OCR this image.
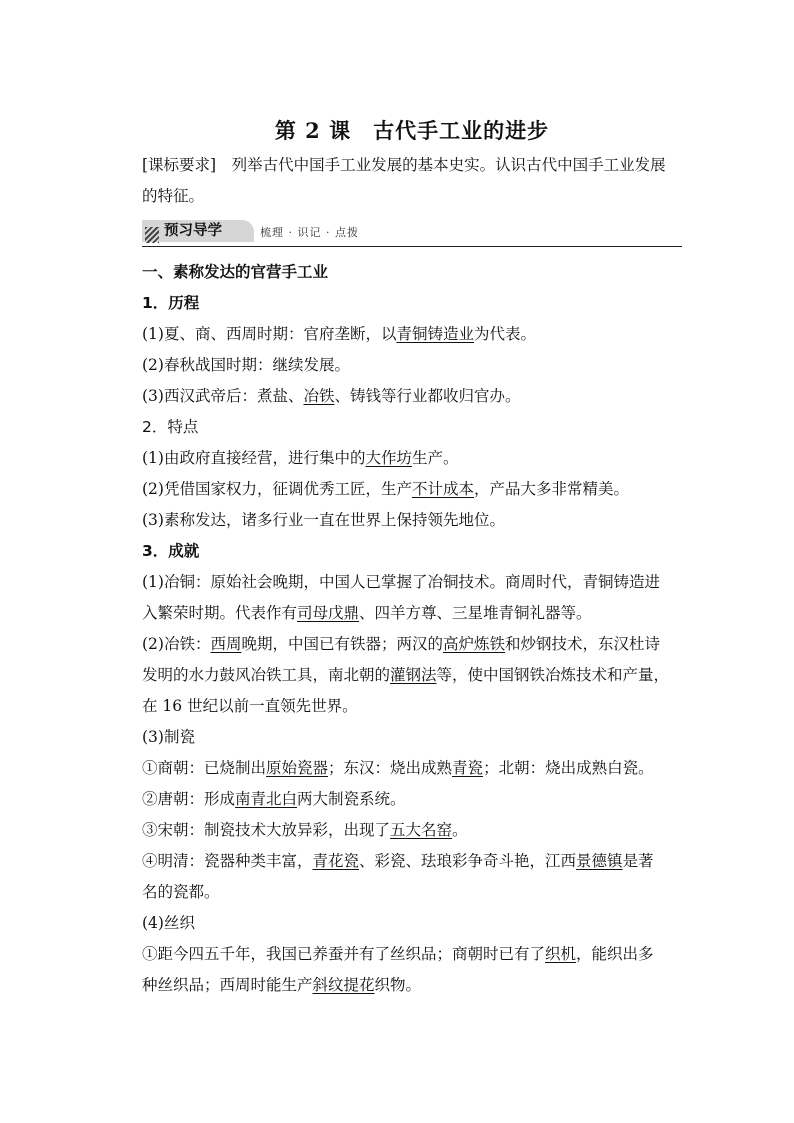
第 2 课　古代手工业的进步
[课标要求]　列举古代中国手工业发展的基本史实。认识古代中国手工业发展
的特征。
预习导学	梳理 · 识记 · 点拨
一、素称发达的官营手工业
1．历程
(1)夏、商、西周时期：官府垄断，以青铜铸造业为代表。
(2)春秋战国时期：继续发展。
(3)西汉武帝后：煮盐、冶铁、铸钱等行业都收归官办。
2．特点
(1)由政府直接经营，进行集中的大作坊生产。
(2)凭借国家权力，征调优秀工匠，生产不计成本，产品大多非常精美。
(3)素称发达，诸多行业一直在世界上保持领先地位。
3．成就
(1)冶铜：原始社会晚期，中国人已掌握了冶铜技术。商周时代，青铜铸造进
入繁荣时期。代表作有司母戊鼎、四羊方尊、三星堆青铜礼器等。
(2)冶铁：西周晚期，中国已有铁器；两汉的高炉炼铁和炒钢技术，东汉杜诗
发明的水力鼓风冶铁工具，南北朝的灌钢法等，使中国钢铁冶炼技术和产量，
在 16 世纪以前一直领先世界。
(3)制瓷
①商朝：已烧制出原始瓷器；东汉：烧出成熟青瓷；北朝：烧出成熟白瓷。
②唐朝：形成南青北白两大制瓷系统。
③宋朝：制瓷技术大放异彩，出现了五大名窑。
④明清：瓷器种类丰富，青花瓷、彩瓷、珐琅彩争奇斗艳，江西景德镇是著
名的瓷都。
(4)丝织
①距今四五千年，我国已养蚕并有了丝织品；商朝时已有了织机，能织出多
种丝织品；西周时能生产斜纹提花织物。
